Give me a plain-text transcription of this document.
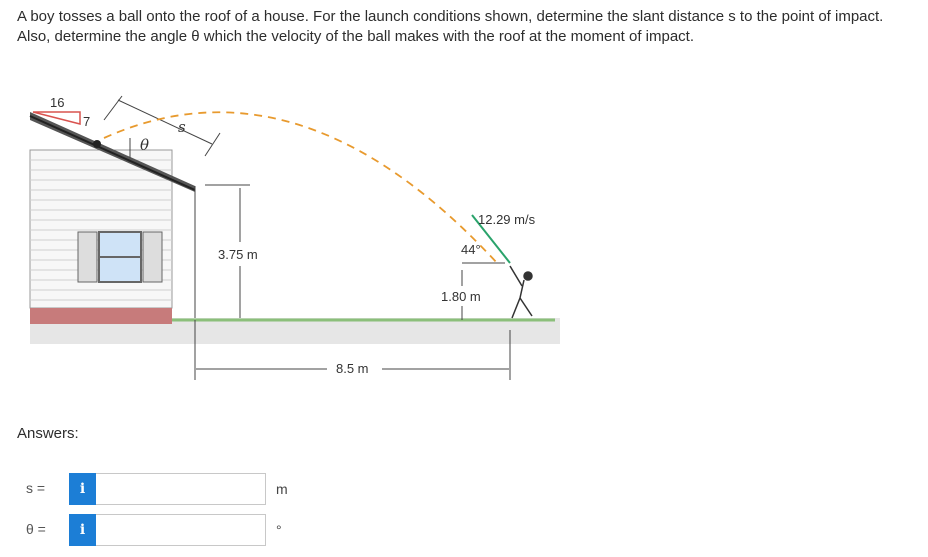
A boy tosses a ball onto the roof of a house. For the launch conditions shown, determine the slant distance s to the point of impact.

Also, determine the angle θ which the velocity of the ball makes with the roof at the moment of impact.

16
7	s
θ
12.29 m/s
44°
1.80 m
3.75 m
8.5 m
Answers:
s =	i	m
θ =	i	°
